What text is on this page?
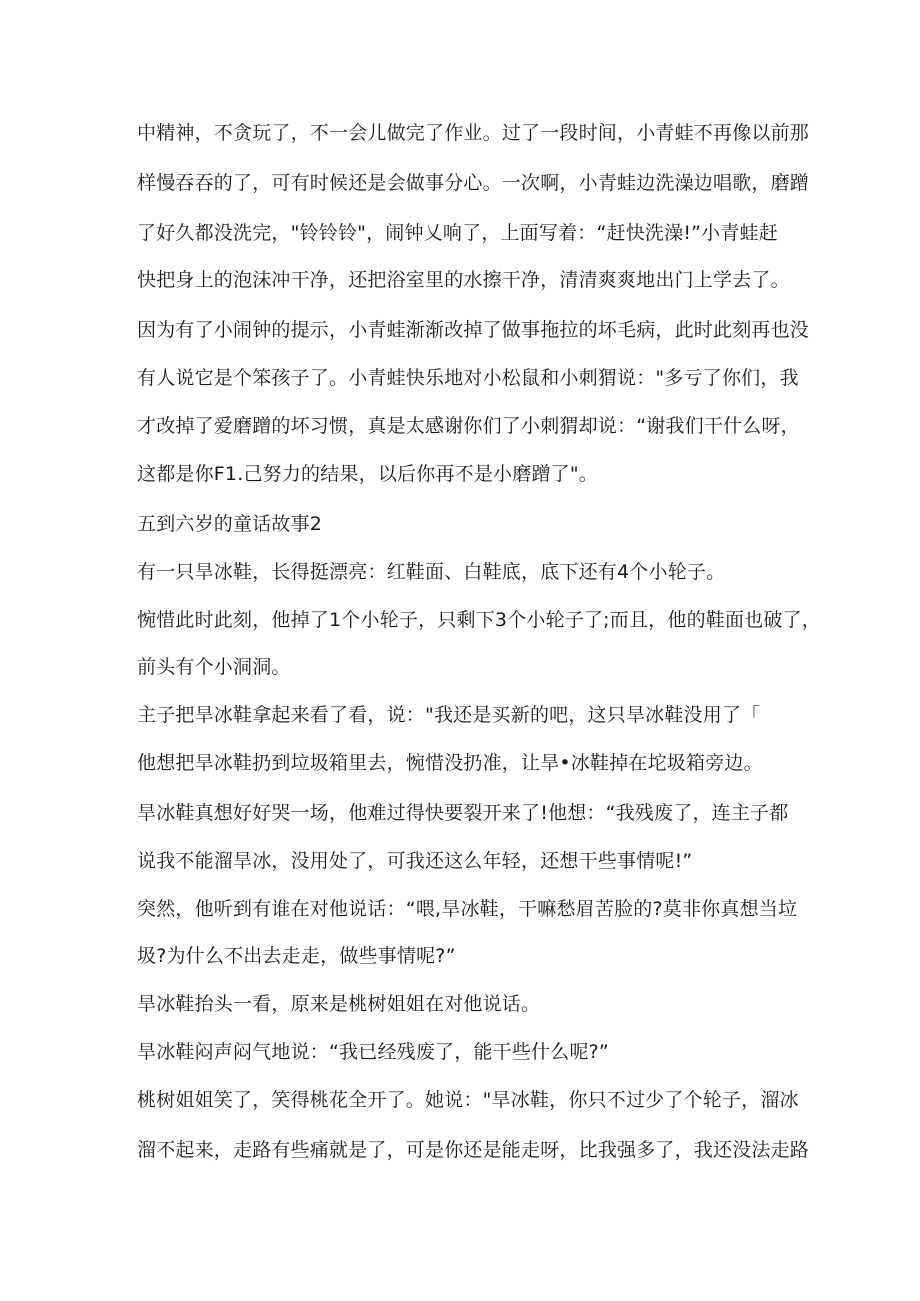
中精神，不贪玩了，不一会儿做完了作业。过了一段时间，小青蛙不再像以前那
样慢吞吞的了，可有时候还是会做事分心。一次啊，小青蛙边洗澡边唱歌，磨蹭
了好久都没洗完，"铃铃铃"，闹钟乂响了，上面写着：“赶快洗澡!”小青蛙赶
快把身上的泡沫冲干净，还把浴室里的水擦干净，清清爽爽地出门上学去了。
因为有了小闹钟的提示，小青蛙渐渐改掉了做事拖拉的坏毛病，此时此刻再也没
有人说它是个笨孩子了。小青蛙快乐地对小松鼠和小刺猬说："多亏了你们，我
才改掉了爱磨蹭的坏习惯，真是太感谢你们了小刺猬却说：“谢我们干什么呀，
这都是你F1.己努力的结果，以后你再不是小磨蹭了"。
五到六岁的童话故事2
有一只旱冰鞋，长得挺漂亮：红鞋面、白鞋底，底下还有4个小轮子。
惋惜此时此刻，他掉了1个小轮子，只剩下3个小轮子了;而且，他的鞋面也破了，
前头有个小洞洞。
主子把旱冰鞋拿起来看了看，说："我还是买新的吧，这只旱冰鞋没用了「
他想把旱冰鞋扔到垃圾箱里去，惋惜没扔准，让旱•冰鞋掉在坨圾箱旁边。
旱冰鞋真想好好哭一场，他难过得快要裂开来了!他想：“我残废了，连主子都
说我不能溜旱冰，没用处了，可我还这么年轻，还想干些事情呢!”
突然，他听到有谁在对他说话：“喂,旱冰鞋，干嘛愁眉苦脸的?莫非你真想当垃
圾?为什么不出去走走，做些事情呢?”
旱冰鞋抬头一看，原来是桃树姐姐在对他说话。
旱冰鞋闷声闷气地说：“我已经残废了，能干些什么呢?”
桃树姐姐笑了，笑得桃花全开了。她说："旱冰鞋，你只不过少了个轮子，溜冰
溜不起来，走路有些痛就是了，可是你还是能走呀，比我强多了，我还没法走路
